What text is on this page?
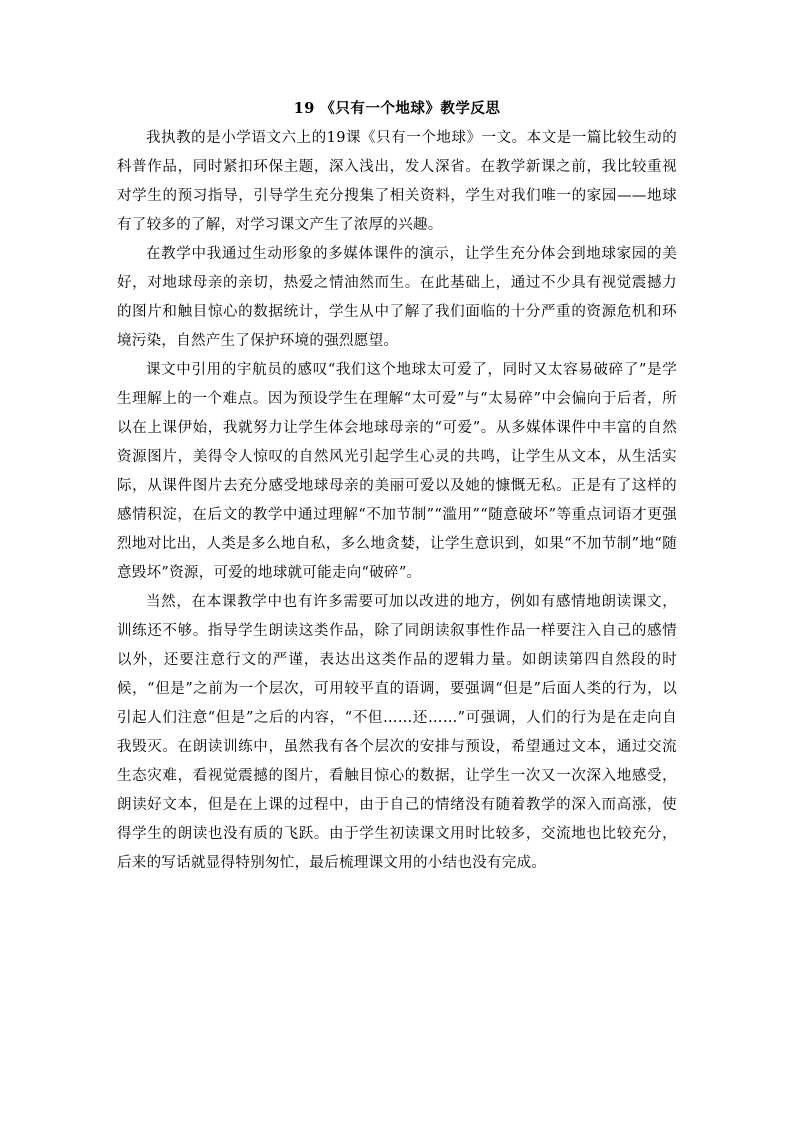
19 《只有一个地球》教学反思

我执教的是小学语文六上的19课《只有一个地球》一文。本文是一篇比较生动的科普作品，同时紧扣环保主题，深入浅出，发人深省。在教学新课之前，我比较重视对学生的预习指导，引导学生充分搜集了相关资料，学生对我们唯一的家园——地球有了较多的了解，对学习课文产生了浓厚的兴趣。

在教学中我通过生动形象的多媒体课件的演示，让学生充分体会到地球家园的美好，对地球母亲的亲切，热爱之情油然而生。在此基础上，通过不少具有视觉震撼力的图片和触目惊心的数据统计，学生从中了解了我们面临的十分严重的资源危机和环境污染，自然产生了保护环境的强烈愿望。

课文中引用的宇航员的感叹“我们这个地球太可爱了，同时又太容易破碎了”是学生理解上的一个难点。因为预设学生在理解“太可爱”与“太易碎”中会偏向于后者，所以在上课伊始，我就努力让学生体会地球母亲的“可爱”。从多媒体课件中丰富的自然资源图片，美得令人惊叹的自然风光引起学生心灵的共鸣，让学生从文本，从生活实际，从课件图片去充分感受地球母亲的美丽可爱以及她的慷慨无私。正是有了这样的感情积淀，在后文的教学中通过理解“不加节制”“滥用”“随意破坏”等重点词语才更强烈地对比出，人类是多么地自私，多么地贪婪，让学生意识到，如果“不加节制”地“随意毁坏”资源，可爱的地球就可能走向“破碎”。

当然，在本课教学中也有许多需要可加以改进的地方，例如有感情地朗读课文，训练还不够。指导学生朗读这类作品，除了同朗读叙事性作品一样要注入自己的感情以外，还要注意行文的严谨，表达出这类作品的逻辑力量。如朗读第四自然段的时候，“但是”之前为一个层次，可用较平直的语调，要强调“但是”后面人类的行为，以引起人们注意“但是”之后的内容，“不但……还……”可强调，人们的行为是在走向自我毁灭。在朗读训练中，虽然我有各个层次的安排与预设，希望通过文本，通过交流生态灾难，看视觉震撼的图片，看触目惊心的数据，让学生一次又一次深入地感受，朗读好文本，但是在上课的过程中，由于自己的情绪没有随着教学的深入而高涨，使得学生的朗读也没有质的飞跃。由于学生初读课文用时比较多，交流地也比较充分，后来的写话就显得特别匆忙，最后梳理课文用的小结也没有完成。
